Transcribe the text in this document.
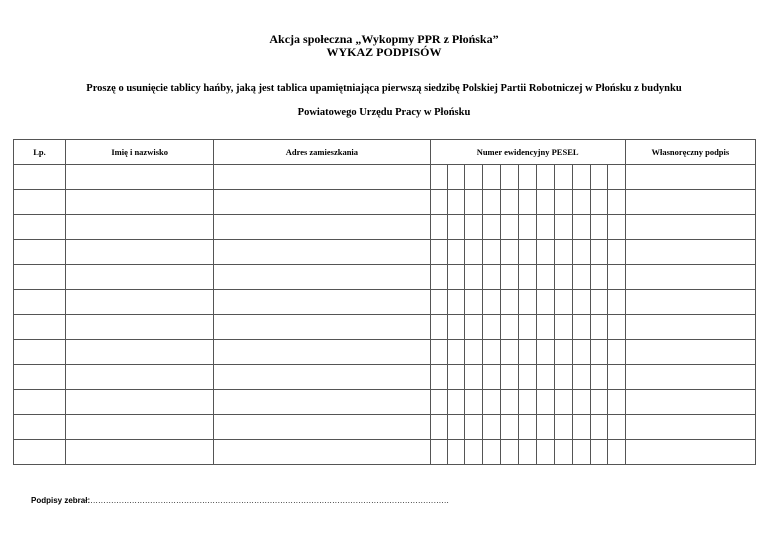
Akcja społeczna „Wykopmy PPR z Płońska”
WYKAZ PODPISÓW
Proszę o usunięcie tablicy hańby, jaką jest tablica upamiętniająca pierwszą siedzibę Polskiej Partii Robotniczej w Płońsku z budynku
Powiatowego Urzędu Pracy w Płońsku
Lp.	Imię i nazwisko	Adres zamieszkania	Numer ewidencyjny PESEL											Własnoręczny podpis

Podpisy zebrał:…………………………………………………………………………………………………………………………
